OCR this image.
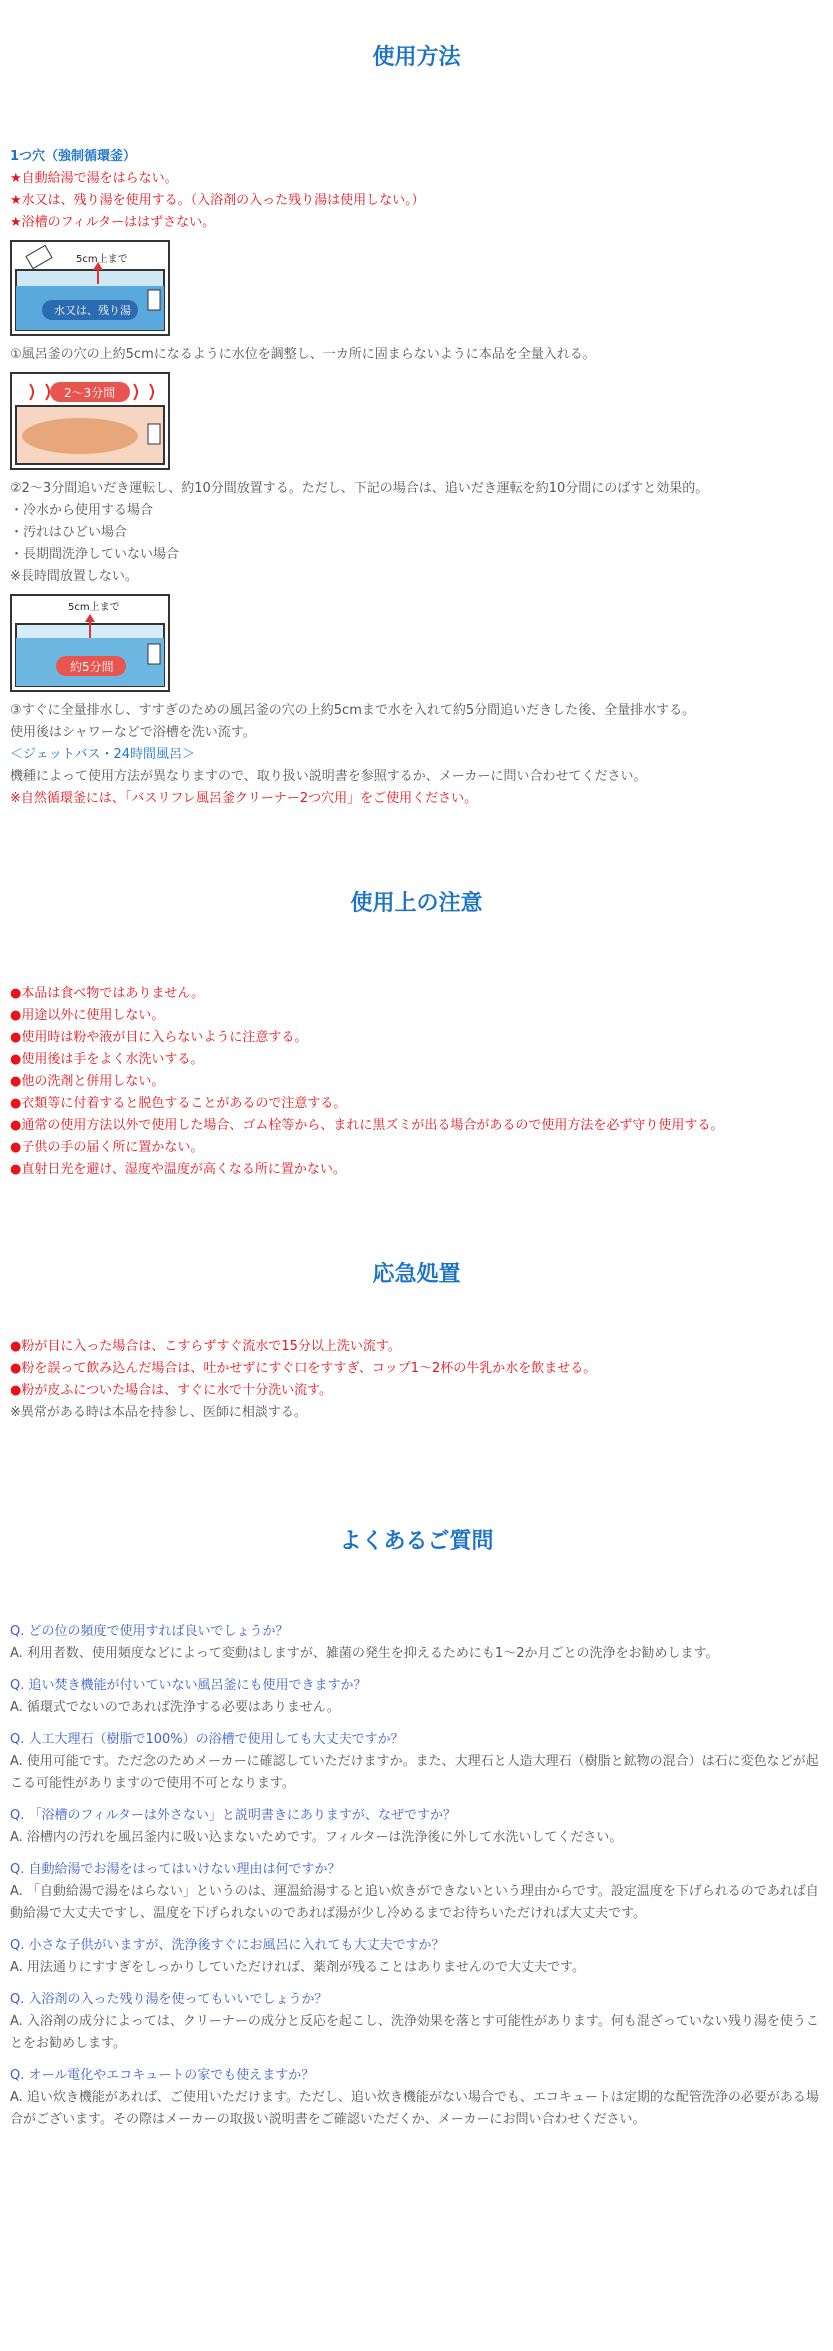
使用方法

1つ穴（強制循環釜）

★自動給湯で湯をはらない。

★水又は、残り湯を使用する。（入浴剤の入った残り湯は使用しない。）

★浴槽のフィルターははずさない。

5cm上まで
水又は、残り湯

①風呂釜の穴の上約5cmになるように水位を調整し、一カ所に固まらないように本品を全量入れる。

2〜3分間

②2〜3分間追いだき運転し、約10分間放置する。ただし、下記の場合は、追いだき運転を約10分間にのばすと効果的。

・冷水から使用する場合

・汚れはひどい場合

・長期間洗浄していない場合

※長時間放置しない。

5cm上まで
約5分間

③すぐに全量排水し、すすぎのための風呂釜の穴の上約5cmまで水を入れて約5分間追いだきした後、全量排水する。

使用後はシャワーなどで浴槽を洗い流す。

＜ジェットバス・24時間風呂＞

機種によって使用方法が異なりますので、取り扱い説明書を参照するか、メーカーに問い合わせてください。

※自然循環釜には、「バスリフレ風呂釜クリーナー2つ穴用」をご使用ください。

使用上の注意

●本品は食べ物ではありません。

●用途以外に使用しない。

●使用時は粉や液が目に入らないように注意する。

●使用後は手をよく水洗いする。

●他の洗剤と併用しない。

●衣類等に付着すると脱色することがあるので注意する。

●通常の使用方法以外で使用した場合、ゴム栓等から、まれに黒ズミが出る場合があるので使用方法を必ず守り使用する。

●子供の手の届く所に置かない。

●直射日光を避け、湿度や温度が高くなる所に置かない。

応急処置

●粉が目に入った場合は、こすらずすぐ流水で15分以上洗い流す。

●粉を誤って飲み込んだ場合は、吐かせずにすぐ口をすすぎ、コップ1〜2杯の牛乳か水を飲ませる。

●粉が皮ふについた場合は、すぐに水で十分洗い流す。

※異常がある時は本品を持参し、医師に相談する。

よくあるご質問

Q. どの位の頻度で使用すれば良いでしょうか？

A. 利用者数、使用頻度などによって変動はしますが、雑菌の発生を抑えるためにも1〜2か月ごとの洗浄をお勧めします。

Q. 追い焚き機能が付いていない風呂釜にも使用できますか？

A. 循環式でないのであれば洗浄する必要はありません。

Q. 人工大理石（樹脂で100%）の浴槽で使用しても大丈夫ですか？

A. 使用可能です。ただ念のためメーカーに確認していただけますか。また、大理石と人造大理石（樹脂と鉱物の混合）は石に変色などが起こる可能性がありますので使用不可となります。

Q. 「浴槽のフィルターは外さない」と説明書きにありますが、なぜですか？

A. 浴槽内の汚れを風呂釜内に吸い込まないためです。フィルターは洗浄後に外して水洗いしてください。

Q. 自動給湯でお湯をはってはいけない理由は何ですか？

A. 「自動給湯で湯をはらない」というのは、運温給湯すると追い炊きができないという理由からです。設定温度を下げられるのであれば自動給湯で大丈夫ですし、温度を下げられないのであれば湯が少し冷めるまでお待ちいただければ大丈夫です。

Q. 小さな子供がいますが、洗浄後すぐにお風呂に入れても大丈夫ですか？

A. 用法通りにすすぎをしっかりしていただければ、薬剤が残ることはありませんので大丈夫です。

Q. 入浴剤の入った残り湯を使ってもいいでしょうか？

A. 入浴剤の成分によっては、クリーナーの成分と反応を起こし、洗浄効果を落とす可能性があります。何も混ざっていない残り湯を使うことをお勧めします。

Q. オール電化やエコキュートの家でも使えますか？

A. 追い炊き機能があれば、ご使用いただけます。ただし、追い炊き機能がない場合でも、エコキュートは定期的な配管洗浄の必要がある場合がございます。その際はメーカーの取扱い説明書をご確認いただくか、メーカーにお問い合わせください。
